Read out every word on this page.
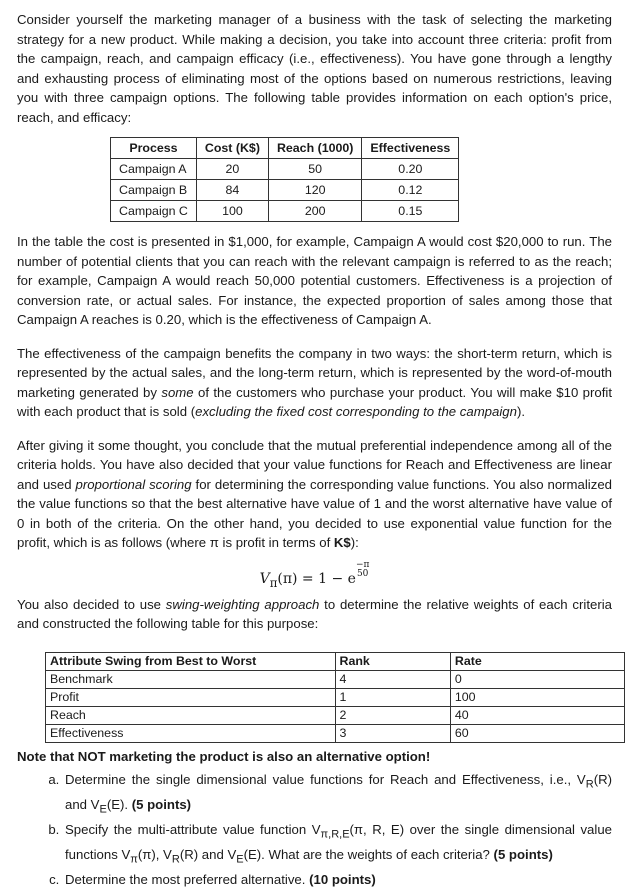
Consider yourself the marketing manager of a business with the task of selecting the marketing strategy for a new product. While making a decision, you take into account three criteria: profit from the campaign, reach, and campaign efficacy (i.e., effectiveness). You have gone through a lengthy and exhausting process of eliminating most of the options based on numerous restrictions, leaving you with three campaign options. The following table provides information on each option's price, reach, and efficacy:

Process	Cost (K$)	Reach (1000)	Effectiveness
Campaign A	20	50	0.20
Campaign B	84	120	0.12
Campaign C	100	200	0.15

In the table the cost is presented in $1,000, for example, Campaign A would cost $20,000 to run. The number of potential clients that you can reach with the relevant campaign is referred to as the reach; for example, Campaign A would reach 50,000 potential customers. Effectiveness is a projection of conversion rate, or actual sales. For instance, the expected proportion of sales among those that Campaign A reaches is 0.20, which is the effectiveness of Campaign A.

The effectiveness of the campaign benefits the company in two ways: the short-term return, which is represented by the actual sales, and the long-term return, which is represented by the word-of-mouth marketing generated by some of the customers who purchase your product. You will make $10 profit with each product that is sold (excluding the fixed cost corresponding to the campaign).

After giving it some thought, you conclude that the mutual preferential independence among all of the criteria holds. You have also decided that your value functions for Reach and Effectiveness are linear and used proportional scoring for determining the corresponding value functions. You also normalized the value functions so that the best alternative have value of 1 and the worst alternative have value of 0 in both of the criteria. On the other hand, you decided to use exponential value function for the profit, which is as follows (where π is profit in terms of K$):

$V_\pi(\pi) = 1 - e$
−π
50

You also decided to use swing-weighting approach to determine the relative weights of each criteria and constructed the following table for this purpose:

Attribute Swing from Best to Worst	Rank	Rate
Benchmark	4	0
Profit	1	100
Reach	2	40
Effectiveness	3	60
Note that NOT marketing the product is also an alternative option!
a. Determine the single dimensional value functions for Reach and Effectiveness, i.e., $V_R(R)$ and $V_E(E)$. (5 points)
b. Specify the multi-attribute value function $V_{\pi,R,E}(\pi$, R, E) over the single dimensional value functions $V_\pi(\pi)$, $V_R(R)$ and $V_E(E)$. What are the weights of each criteria? (5 points)
c. Determine the most preferred alternative. (10 points)
